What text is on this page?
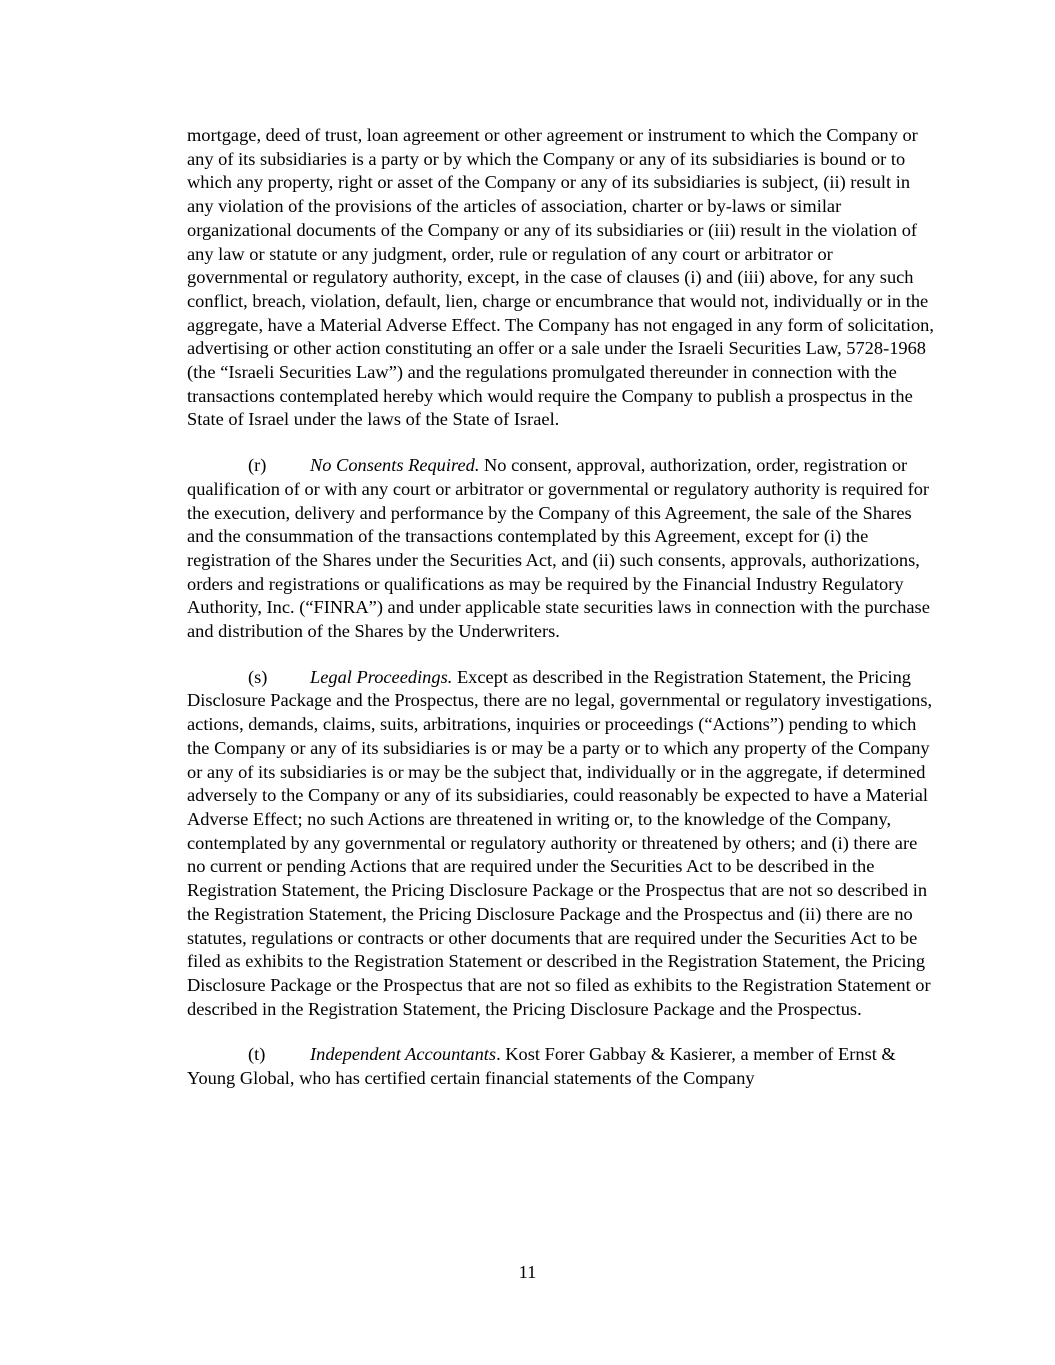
mortgage, deed of trust, loan agreement or other agreement or instrument to which the Company or any of its subsidiaries is a party or by which the Company or any of its subsidiaries is bound or to which any property, right or asset of the Company or any of its subsidiaries is subject, (ii) result in any violation of the provisions of the articles of association, charter or by-laws or similar organizational documents of the Company or any of its subsidiaries or (iii) result in the violation of any law or statute or any judgment, order, rule or regulation of any court or arbitrator or governmental or regulatory authority, except, in the case of clauses (i) and (iii) above, for any such conflict, breach, violation, default, lien, charge or encumbrance that would not, individually or in the aggregate, have a Material Adverse Effect. The Company has not engaged in any form of solicitation, advertising or other action constituting an offer or a sale under the Israeli Securities Law, 5728-1968 (the “Israeli Securities Law”) and the regulations promulgated thereunder in connection with the transactions contemplated hereby which would require the Company to publish a prospectus in the State of Israel under the laws of the State of Israel.

(r) No Consents Required. No consent, approval, authorization, order, registration or qualification of or with any court or arbitrator or governmental or regulatory authority is required for the execution, delivery and performance by the Company of this Agreement, the sale of the Shares and the consummation of the transactions contemplated by this Agreement, except for (i) the registration of the Shares under the Securities Act, and (ii) such consents, approvals, authorizations, orders and registrations or qualifications as may be required by the Financial Industry Regulatory Authority, Inc. (“FINRA”) and under applicable state securities laws in connection with the purchase and distribution of the Shares by the Underwriters.

(s) Legal Proceedings. Except as described in the Registration Statement, the Pricing Disclosure Package and the Prospectus, there are no legal, governmental or regulatory investigations, actions, demands, claims, suits, arbitrations, inquiries or proceedings (“Actions”) pending to which the Company or any of its subsidiaries is or may be a party or to which any property of the Company or any of its subsidiaries is or may be the subject that, individually or in the aggregate, if determined adversely to the Company or any of its subsidiaries, could reasonably be expected to have a Material Adverse Effect; no such Actions are threatened in writing or, to the knowledge of the Company, contemplated by any governmental or regulatory authority or threatened by others; and (i) there are no current or pending Actions that are required under the Securities Act to be described in the Registration Statement, the Pricing Disclosure Package or the Prospectus that are not so described in the Registration Statement, the Pricing Disclosure Package and the Prospectus and (ii) there are no statutes, regulations or contracts or other documents that are required under the Securities Act to be filed as exhibits to the Registration Statement or described in the Registration Statement, the Pricing Disclosure Package or the Prospectus that are not so filed as exhibits to the Registration Statement or described in the Registration Statement, the Pricing Disclosure Package and the Prospectus.

(t) Independent Accountants. Kost Forer Gabbay & Kasierer, a member of Ernst & Young Global, who has certified certain financial statements of the Company

11
